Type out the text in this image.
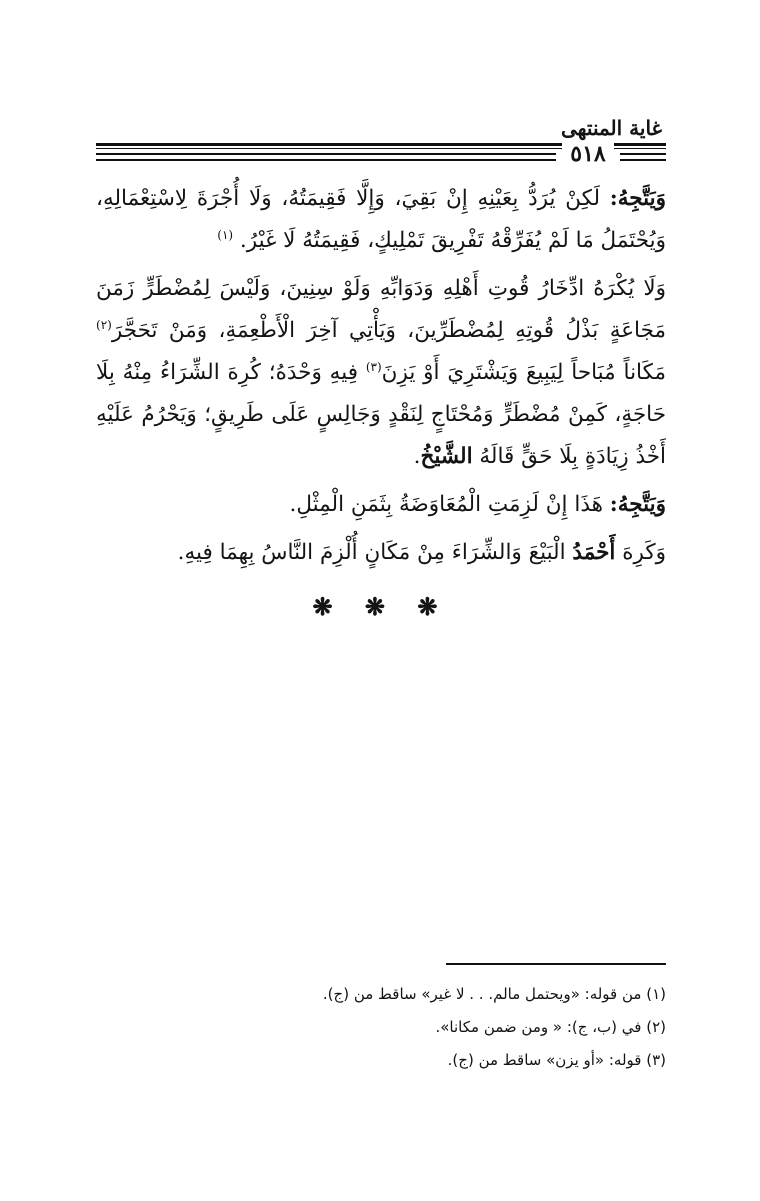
غاية المنتهى
٥١٨

وَيَتَّجِهُ: لَكِنْ يُرَدُّ بِعَيْنِهِ إِنْ بَقِيَ، وَإِلَّا فَقِيمَتُهُ، وَلَا أُجْرَةَ لِاسْتِعْمَالِهِ، وَيُحْتَمَلُ مَا لَمْ يُفَرِّقْهُ تَفْرِيقَ تَمْلِيكٍ، فَقِيمَتُهُ لَا غَيْرُ. $^{(١)}$

وَلَا يُكْرَهُ ادِّخَارُ قُوتِ أَهْلِهِ وَدَوَابِّهِ وَلَوْ سِنِينَ، وَلَيْسَ لِمُضْطَرٍّ زَمَنَ مَجَاعَةٍ بَذْلُ قُوتِهِ لِمُضْطَرِّينَ، وَيَأْتِي آخِرَ الْأَطْعِمَةِ، وَمَنْ تَحَجَّرَ$^{(٢)}$ مَكَاناً مُبَاحاً لِيَبِيعَ وَيَشْتَرِيَ أَوْ يَزِنَ$^{(٣)}$ فِيهِ وَحْدَهُ؛ كُرِهَ الشِّرَاءُ مِنْهُ بِلَا حَاجَةٍ، كَمِنْ مُضْطَرٍّ وَمُحْتَاجٍ لِنَقْدٍ وَجَالِسٍ عَلَى طَرِيقٍ؛ وَيَحْرُمُ عَلَيْهِ أَخْذُ زِيَادَةٍ بِلَا حَقٍّ قَالَهُ الشَّيْخُ.

وَيَتَّجِهُ: هَذَا إِنْ لَزِمَتِ الْمُعَاوَضَةُ بِثَمَنِ الْمِثْلِ.

وَكَرِهَ أَحْمَدُ الْبَيْعَ وَالشِّرَاءَ مِنْ مَكَانٍ أُلْزِمَ النَّاسُ بِهِمَا فِيهِ.

❋ ❋ ❋
(١) من قوله: «ويحتمل مالم. . . لا غير» ساقط من (ج).
(٢) في (ب، ج): « ومن ضمن مكانا».
(٣) قوله: «أو يزن» ساقط من (ج).
